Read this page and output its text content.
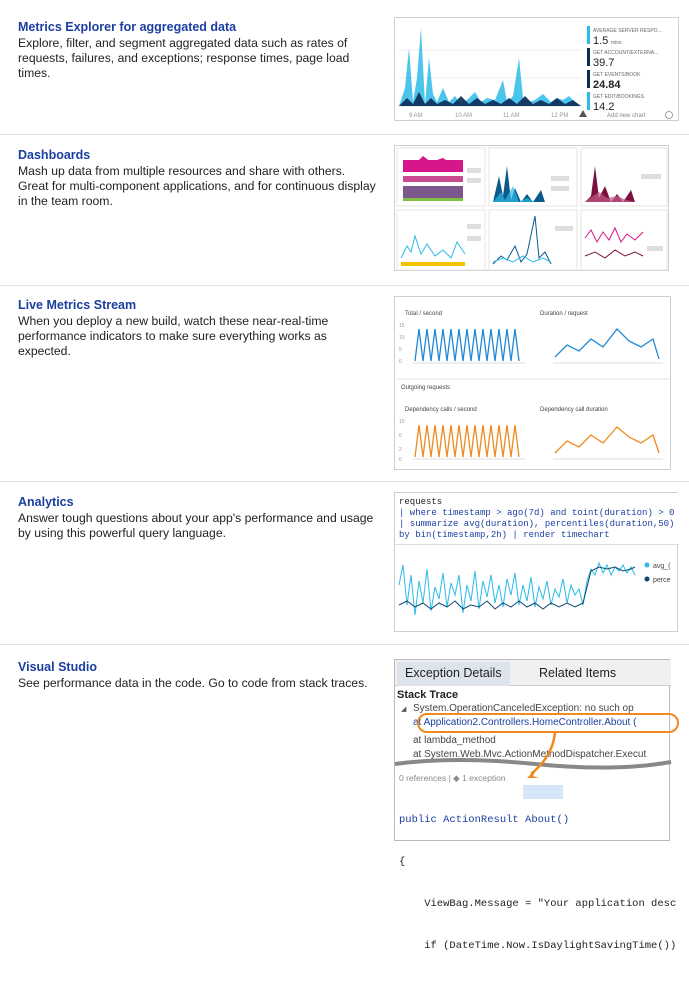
Metrics Explorer for aggregated data
Explore, filter, and segment aggregated data such as rates of requests, failures, and exceptions; response times, page load times.
9 AM	10 AM	11 AM	12 PM
AVERAGE SERVER RESPO...
1.5 mins
GET ACCOUNT/EXTERNA...
39.7
GET EVENTS/BOOK
24.84
GET EDIT/BOOKINGS
14.2
Add new chart
Dashboards
Mash up data from multiple resources and share with others. Great for multi-component applications, and for continuous display in the team room.
Live Metrics Stream
When you deploy a new build, watch these near-real-time performance indicators to make sure everything works as expected.
Total / second	Duration / request
15
10
5
0
Outgoing requests
Dependency calls / second	Dependency call duration
10
6
2
0
Analytics
Answer tough questions about your app's performance and usage by using this powerful query language.
requests
| where timestamp > ago(7d) and toint(duration) > 0
| summarize avg(duration), percentiles(duration,50)
by bin(timestamp,2h) | render timechart
avg_(
perce
Visual Studio
See performance data in the code. Go to code from stack traces.
Exception Details	Related Items
Stack Trace
◢ System.OperationCanceledException: no such op
at Application2.Controllers.HomeController.About (
at lambda_method
at System.Web.Mvc.ActionMethodDispatcher.Execut
0 references | ◆ 1 exception

public ActionResult About()

{

ViewBag.Message = "Your application desc

if (DateTime.Now.IsDaylightSavingTime())
